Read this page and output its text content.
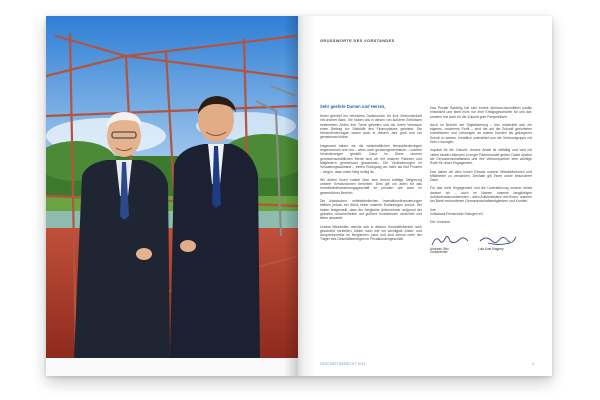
GRUSSWORTE DES VORSTANDES
Sehr geehrte Damen und Herren,

Ihnen gebührt ein herzliches Dankeschön für Ihre Verbundenheit mit unserer Bank. Sie haben uns in diesen von äußeren Einflüssen bestimmten Zeiten Ihre Treue gehalten und mit Ihrem Vertrauen einen Beitrag zur Stabilität des Finanzplatzes geleistet. Die Herausforderungen waren auch in diesem Jahr groß und nur gemeinsam lösbar.

Insgesamt haben wir die wirtschaftlichen Herausforderungen angenommen und uns – wenn auch gezwungenermaßen – solchen Veränderungen gestellt. Ganz im Sinne unserer genossenschaftlichen Werte sind wir mit unseren Partnern und Mitgliedern gemeinsam gewachsen. Die Veränderungen im Verwaltungsaufwand – einem Rückgang um mehr als fünf Prozent – zeigen, dass unser Weg richtig ist.

Wir dürfen Ihnen zudem über eine erneut kräftige Steigerung unserer Kreditvolumen berichten. Dies gilt vor allem für das Immobilienfinanzierungsgeschäft im privaten wie auch im gewerblichen Bereich.

Die klassischen, mittelständischen Investitionsfinanzierungen bleiben jedoch ein Stück hinter unseren Erwartungen zurück. Wir haben festgestellt, dass der bergische Unternehmer aufgrund der globalen Unsicherheiten auf größere Investitionen verzichtet und lieber abwartet.

Unsere Mitarbeiter, welche sich in diesem Geschäftsbericht noch gesondert vorstellen, bilden nach wie vor wichtigste Anker- und Ansprechpunkte im Bergischen Land und sind einmal mehr der Träger des Geschäftserfolges im Privatkundengeschäft.

Das Private Banking hat sich erneut überdurchschnittlich positiv entwickelt und stellt nicht nur eine Erfolgsgeschichte für uns dar, sondern hat auch für die Zukunft gute Perspektiven.

Auch im Bereich der Digitalisierung – hier entwickelt sich ein eigenes, modernes Profil – sind die auf die Zukunft gerichteten Investitionen und Leistungen an unsere Kunden als gelungener Schritt zu werten. Inhaltlich unterstützt uns die Verbundgruppe mit ihren Lösungen.

Impulse für die Zukunft: Unsere Arbeit ist vielfältig und wird mit vielen lokalen Akteuren in enger Partnerschaft gelebt. Dabei spielen die Genossenschaftsbank und ihre Verbundpartner eine wichtige Rolle für unser Engagement.

Das haben wir dem hohen Einsatz unserer Mitarbeiterinnen und Mitarbeiter zu verdanken. Deshalb gilt Ihnen unser besonderer Dank.

Für das hohe Engagement und die Unterstützung unserer Arbeit danken wir – auch im Namen unseres langjährigen Aufsichtsratsvorsitzenden – allen Aufsichtsräten und Ihnen, unseren der Bank verbundenen Genossenschaftsmitgliedern und Kunden.

Ihre
Volksbank Remscheid-Solingen eG

Der Vorstand

Andreas Otto
Vorsitzender
Lutz Uwe Magney
GESCHÄFTSBERICHT 2015	3
